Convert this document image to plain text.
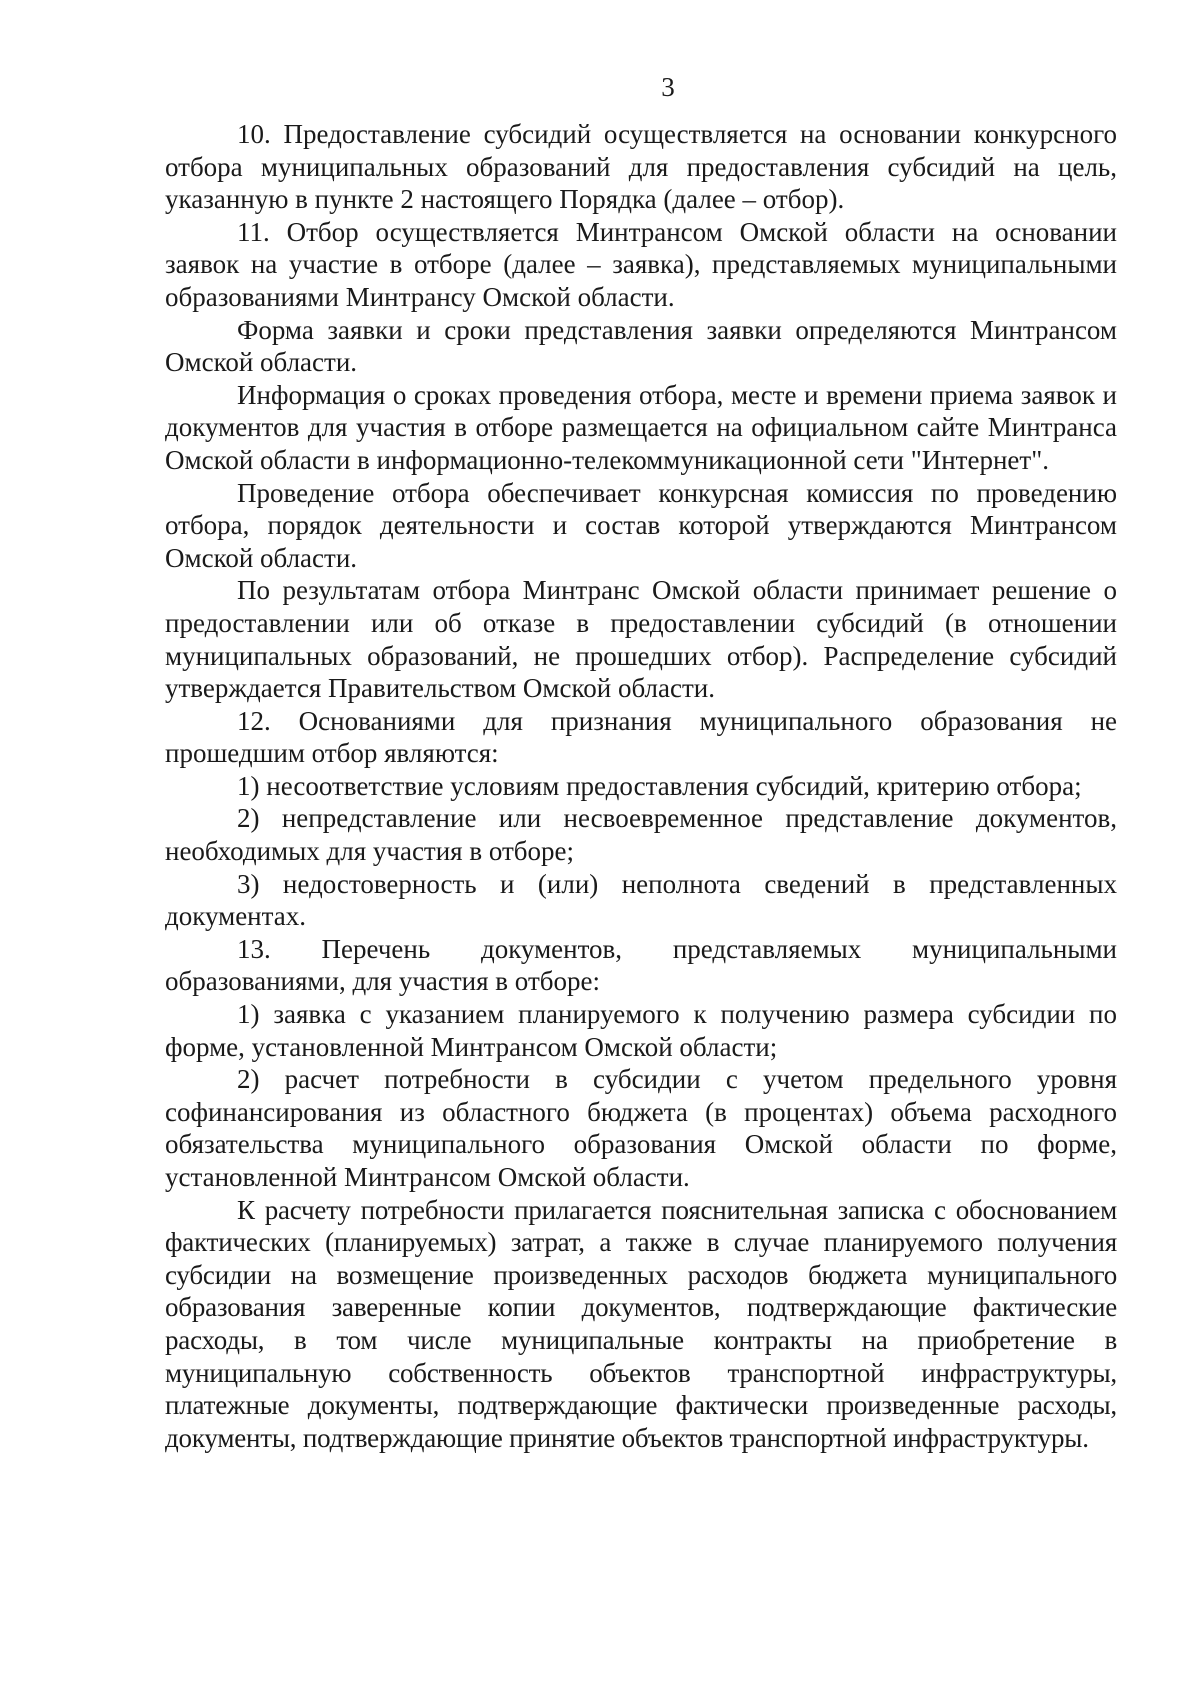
3

10. Предоставление субсидий осуществляется на основании конкурсного отбора муниципальных образований для предоставления субсидий на цель, указанную в пункте 2 настоящего Порядка (далее – отбор).

11. Отбор осуществляется Минтрансом Омской области на основании заявок на участие в отборе (далее – заявка), представляемых муниципальными образованиями Минтрансу Омской области.

Форма заявки и сроки представления заявки определяются Минтрансом Омской области.

Информация о сроках проведения отбора, месте и времени приема заявок и документов для участия в отборе размещается на официальном сайте Минтранса Омской области в информационно-телекоммуникационной сети "Интернет".

Проведение отбора обеспечивает конкурсная комиссия по проведению отбора, порядок деятельности и состав которой утверждаются Минтрансом Омской области.

По результатам отбора Минтранс Омской области принимает решение о предоставлении или об отказе в предоставлении субсидий (в отношении муниципальных образований, не прошедших отбор). Распределение субсидий утверждается Правительством Омской области.

12. Основаниями для признания муниципального образования не прошедшим отбор являются:

1) несоответствие условиям предоставления субсидий, критерию отбора;

2) непредставление или несвоевременное представление документов, необходимых для участия в отборе;

3) недостоверность и (или) неполнота сведений в представленных документах.

13. Перечень документов, представляемых муниципальными образованиями, для участия в отборе:

1) заявка с указанием планируемого к получению размера субсидии по форме, установленной Минтрансом Омской области;

2) расчет потребности в субсидии с учетом предельного уровня софинансирования из областного бюджета (в процентах) объема расходного обязательства муниципального образования Омской области по форме, установленной Минтрансом Омской области.

К расчету потребности прилагается пояснительная записка с обоснованием фактических (планируемых) затрат, а также в случае планируемого получения субсидии на возмещение произведенных расходов бюджета муниципального образования заверенные копии документов, подтверждающие фактические расходы, в том числе муниципальные контракты на приобретение в муниципальную собственность объектов транспортной инфраструктуры, платежные документы, подтверждающие фактически произведенные расходы, документы, подтверждающие принятие объектов транспортной инфраструктуры.
